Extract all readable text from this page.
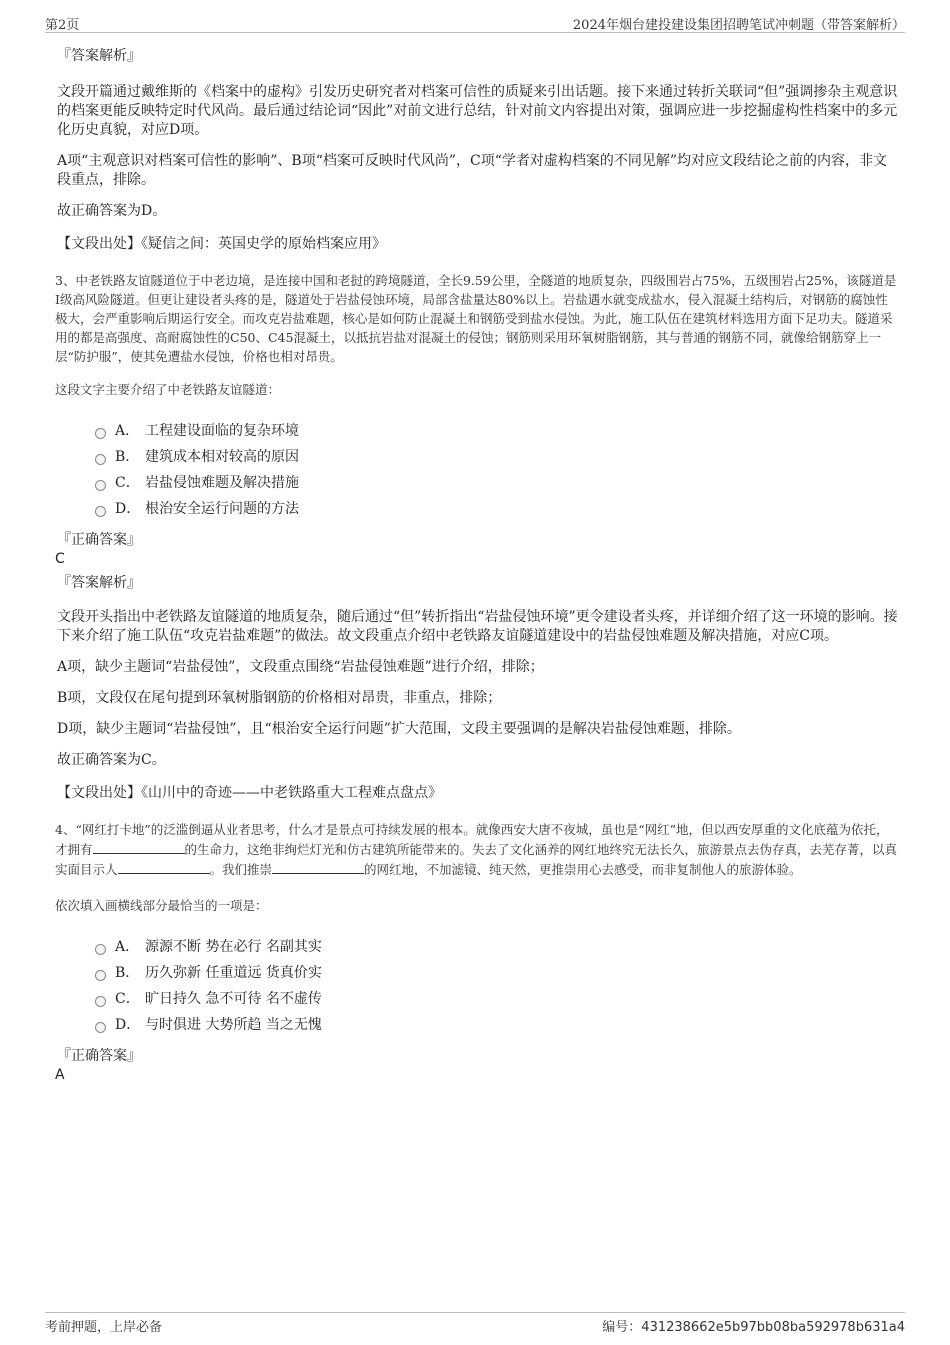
第2页	2024年烟台建投建设集团招聘笔试冲刺题（带答案解析）
『答案解析』

文段开篇通过戴维斯的《档案中的虚构》引发历史研究者对档案可信性的质疑来引出话题。接下来通过转折关联词“但”强调掺杂主观意识的档案更能反映特定时代风尚。最后通过结论词“因此”对前文进行总结，针对前文内容提出对策，强调应进一步挖掘虚构性档案中的多元化历史真貌，对应D项。

A项“主观意识对档案可信性的影响”、B项“档案可反映时代风尚”，C项“学者对虚构档案的不同见解”均对应文段结论之前的内容，非文段重点，排除。

故正确答案为D。

【文段出处】《疑信之间：英国史学的原始档案应用》

3、中老铁路友谊隧道位于中老边境，是连接中国和老挝的跨境隧道，全长9.59公里，全隧道的地质复杂，四级围岩占75%，五级围岩占25%，该隧道是I级高风险隧道。但更让建设者头疼的是，隧道处于岩盐侵蚀环境，局部含盐量达80%以上。岩盐遇水就变成盐水，侵入混凝土结构后，对钢筋的腐蚀性极大，会严重影响后期运行安全。而攻克岩盐难题，核心是如何防止混凝土和钢筋受到盐水侵蚀。为此，施工队伍在建筑材料选用方面下足功夫。隧道采用的都是高强度、高耐腐蚀性的C50、C45混凝土，以抵抗岩盐对混凝土的侵蚀；钢筋则采用环氧树脂钢筋，其与普通的钢筋不同，就像给钢筋穿上一层“防护服”，使其免遭盐水侵蚀，价格也相对昂贵。

这段文字主要介绍了中老铁路友谊隧道：
A． 工程建设面临的复杂环境
B． 建筑成本相对较高的原因
C． 岩盐侵蚀难题及解决措施
D． 根治安全运行问题的方法
『正确答案』
C
『答案解析』

文段开头指出中老铁路友谊隧道的地质复杂，随后通过“但”转折指出“岩盐侵蚀环境”更令建设者头疼，并详细介绍了这一环境的影响。接下来介绍了施工队伍“攻克岩盐难题”的做法。故文段重点介绍中老铁路友谊隧道建设中的岩盐侵蚀难题及解决措施，对应C项。

A项，缺少主题词“岩盐侵蚀”，文段重点围绕“岩盐侵蚀难题”进行介绍，排除；

B项，文段仅在尾句提到环氧树脂钢筋的价格相对昂贵，非重点，排除；

D项，缺少主题词“岩盐侵蚀”，且“根治安全运行问题”扩大范围，文段主要强调的是解决岩盐侵蚀难题，排除。

故正确答案为C。

【文段出处】《山川中的奇迹——中老铁路重大工程难点盘点》

4、“网红打卡地”的泛滥倒逼从业者思考，什么才是景点可持续发展的根本。就像西安大唐不夜城，虽也是“网红”地，但以西安厚重的文化底蕴为依托，才拥有	的生命力，这绝非绚烂灯光和仿古建筑所能带来的。失去了文化涵养的网红地终究无法长久，旅游景点去伪存真，去芜存菁，以真实面目示人	。我们推崇	的网红地，不加滤镜、纯天然，更推崇用心去感受，而非复制他人的旅游体验。

依次填入画横线部分最恰当的一项是：
A． 源源不断 势在必行 名副其实
B． 历久弥新 任重道远 货真价实
C． 旷日持久 急不可待 名不虚传
D． 与时俱进 大势所趋 当之无愧
『正确答案』
A
考前押题，上岸必备	编号：431238662e5b97bb08ba592978b631a4
